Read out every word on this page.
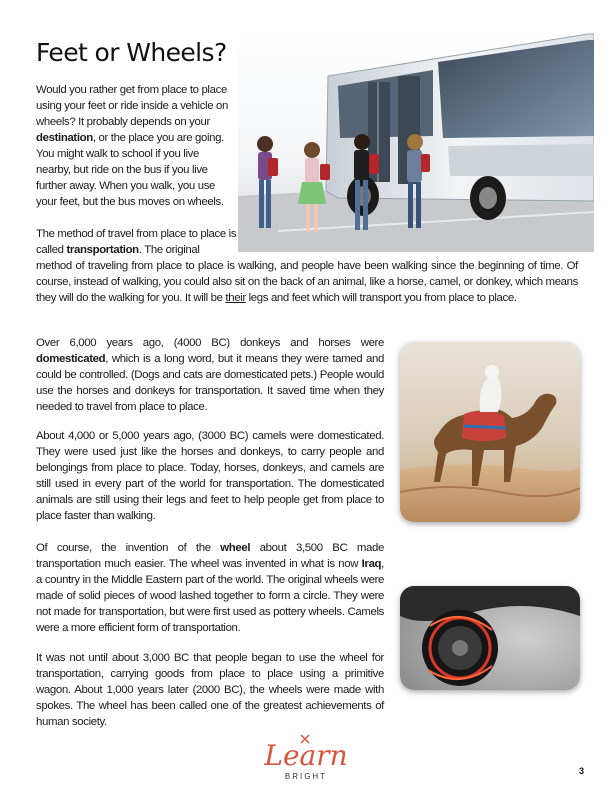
Feet or Wheels?

Would you rather get from place to place using your feet or ride inside a vehicle on wheels? It probably depends on your destination, or the place you are going. You might walk to school if you live nearby, but ride on the bus if you live further away. When you walk, you use your feet, but the bus moves on wheels.

The method of travel from place to place is called transportation. The original

method of traveling from place to place is walking, and people have been walking since the beginning of time. Of course, instead of walking, you could also sit on the back of an animal, like a horse, camel, or donkey, which means they will do the walking for you. It will be their legs and feet which will transport you from place to place.

Over 6,000 years ago, (4000 BC) donkeys and horses were domesticated, which is a long word, but it means they were tamed and could be controlled. (Dogs and cats are domesticated pets.) People would use the horses and donkeys for transportation. It saved time when they needed to travel from place to place.

About 4,000 or 5,000 years ago, (3000 BC) camels were domesticated. They were used just like the horses and donkeys, to carry people and belongings from place to place. Today, horses, donkeys, and camels are still used in every part of the world for transportation. The domesticated animals are still using their legs and feet to help people get from place to place faster than walking.

Of course, the invention of the wheel about 3,500 BC made transportation much easier. The wheel was invented in what is now Iraq, a country in the Middle Eastern part of the world. The original wheels were made of solid pieces of wood lashed together to form a circle. They were not made for transportation, but were first used as pottery wheels. Camels were a more efficient form of transportation.

It was not until about 3,000 BC that people began to use the wheel for transportation, carrying goods from place to place using a primitive wagon. About 1,000 years later (2000 BC), the wheels were made with spokes. The wheel has been called one of the greatest achievements of human society.

Learn
BRIGHT
3
